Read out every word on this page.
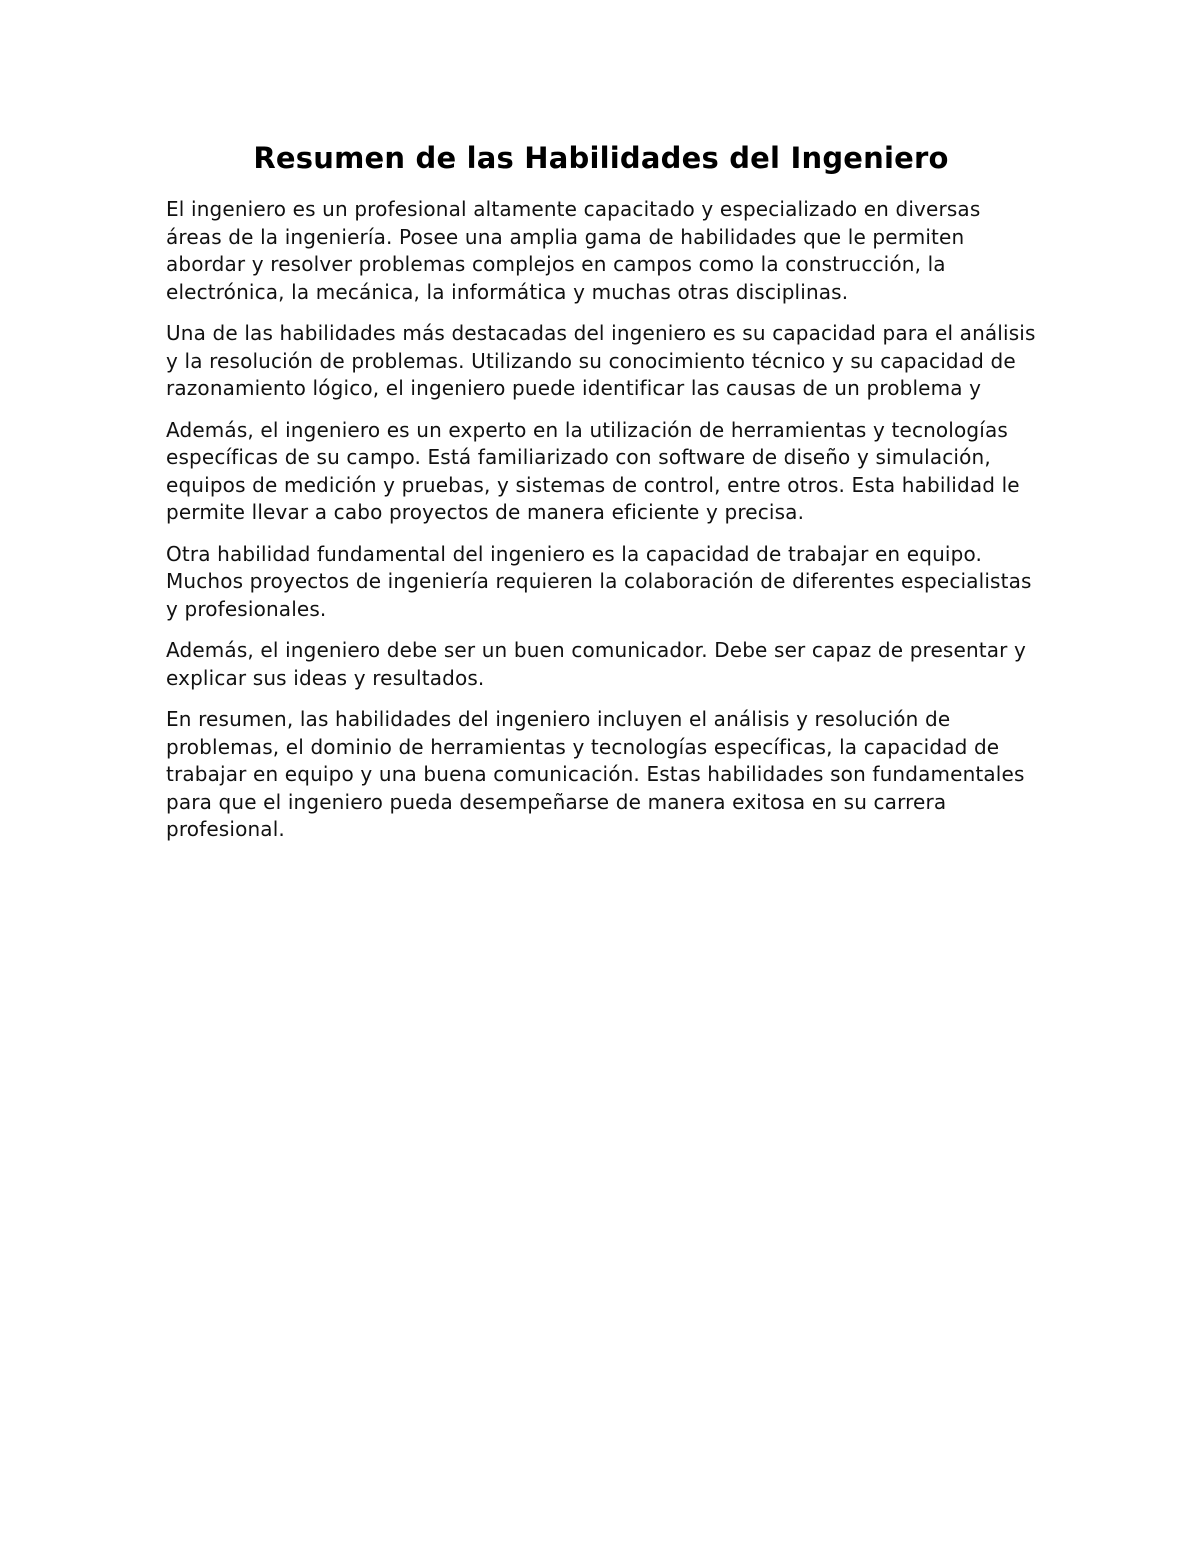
Resumen de las Habilidades del Ingeniero

El ingeniero es un profesional altamente capacitado y especializado en diversas áreas de la ingeniería. Posee una amplia gama de habilidades que le permiten abordar y resolver problemas complejos en campos como la construcción, la electrónica, la mecánica, la informática y muchas otras disciplinas.

Una de las habilidades más destacadas del ingeniero es su capacidad para el análisis y la resolución de problemas. Utilizando su conocimiento técnico y su capacidad de razonamiento lógico, el ingeniero puede identificar las causas de un problema y

Además, el ingeniero es un experto en la utilización de herramientas y tecnologías específicas de su campo. Está familiarizado con software de diseño y simulación, equipos de medición y pruebas, y sistemas de control, entre otros. Esta habilidad le permite llevar a cabo proyectos de manera eficiente y precisa.

Otra habilidad fundamental del ingeniero es la capacidad de trabajar en equipo. Muchos proyectos de ingeniería requieren la colaboración de diferentes especialistas y profesionales.

Además, el ingeniero debe ser un buen comunicador. Debe ser capaz de presentar y explicar sus ideas y resultados.

En resumen, las habilidades del ingeniero incluyen el análisis y resolución de problemas, el dominio de herramientas y tecnologías específicas, la capacidad de trabajar en equipo y una buena comunicación. Estas habilidades son fundamentales para que el ingeniero pueda desempeñarse de manera exitosa en su carrera profesional.
